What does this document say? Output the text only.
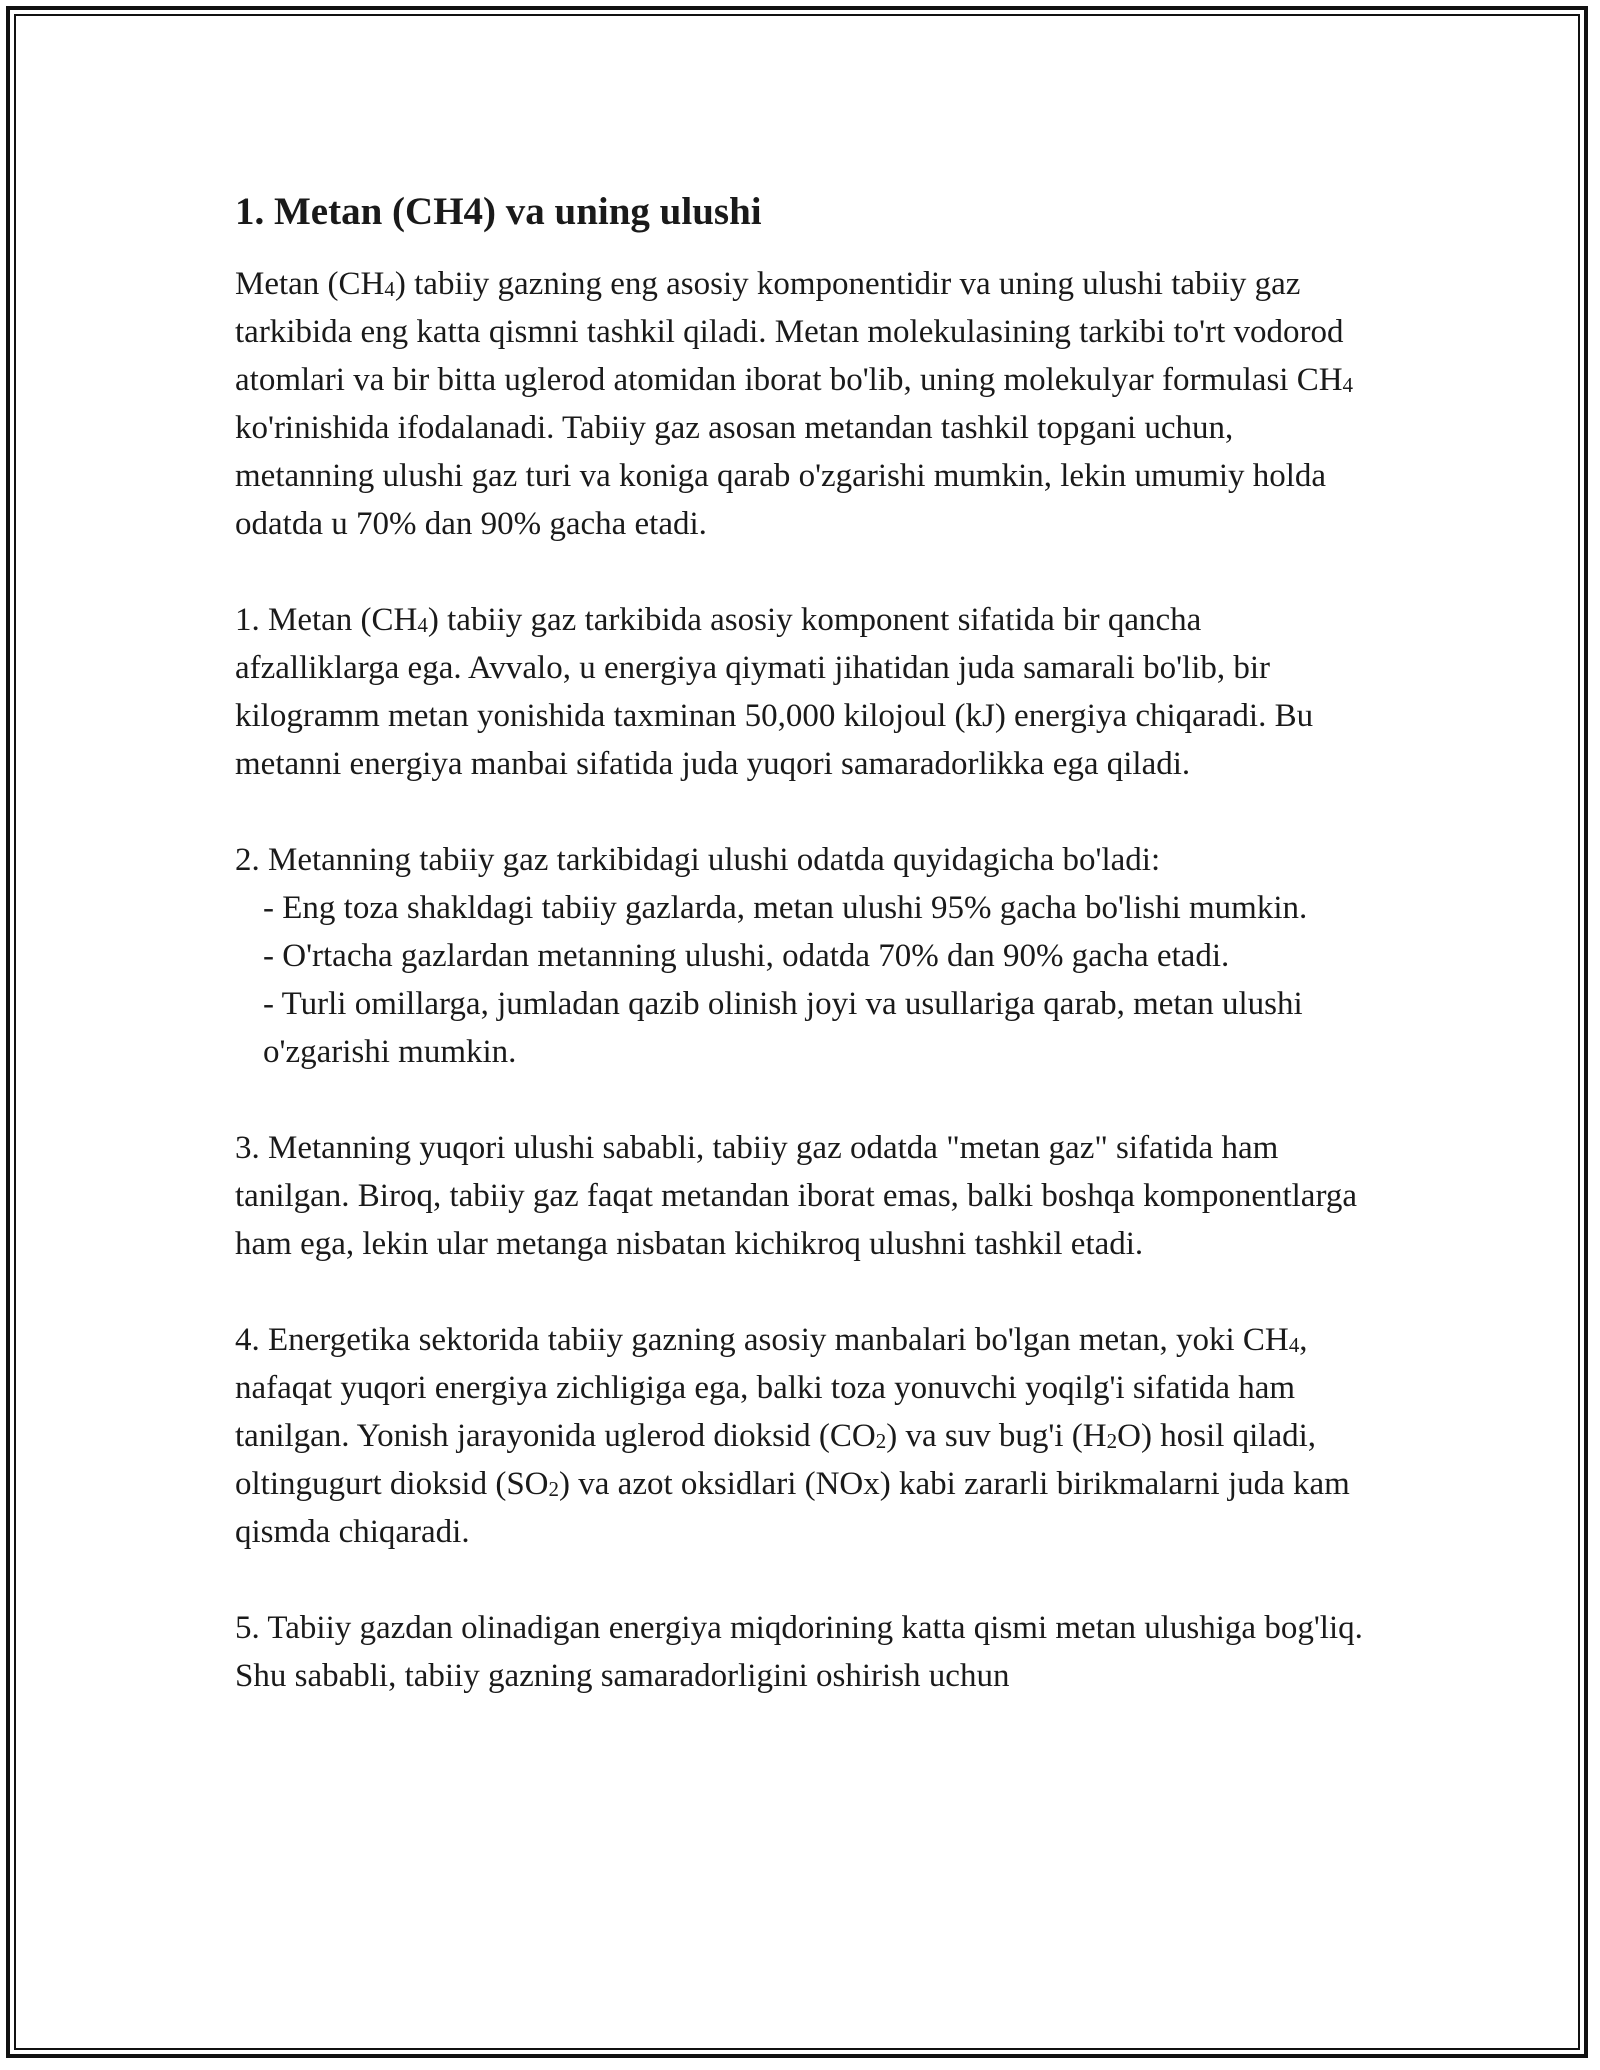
1. Metan (CH4) va uning ulushi

Metan $(CH_4)$ tabiiy gazning eng asosiy komponentidir va uning ulushi tabiiy gaz tarkibida eng katta qismni tashkil qiladi. Metan molekulasining tarkibi to'rt vodorod atomlari va bir bitta uglerod atomidan iborat bo'lib, uning molekulyar formulasi $CH_4$ ko'rinishida ifodalanadi. Tabiiy gaz asosan metandan tashkil topgani uchun, metanning ulushi gaz turi va koniga qarab o'zgarishi mumkin, lekin umumiy holda odatda u 70% dan 90% gacha etadi.

1. Metan $(CH_4)$ tabiiy gaz tarkibida asosiy komponent sifatida bir qancha afzalliklarga ega. Avvalo, u energiya qiymati jihatidan juda samarali bo'lib, bir kilogramm metan yonishida taxminan 50,000 kilojoul (kJ) energiya chiqaradi. Bu metanni energiya manbai sifatida juda yuqori samaradorlikka ega qiladi.

2. Metanning tabiiy gaz tarkibidagi ulushi odatda quyidagicha bo'ladi:
- Eng toza shakldagi tabiiy gazlarda, metan ulushi 95% gacha bo'lishi mumkin.
- O'rtacha gazlardan metanning ulushi, odatda 70% dan 90% gacha etadi.
- Turli omillarga, jumladan qazib olinish joyi va usullariga qarab, metan ulushi o'zgarishi mumkin.

3. Metanning yuqori ulushi sababli, tabiiy gaz odatda "metan gaz" sifatida ham tanilgan. Biroq, tabiiy gaz faqat metandan iborat emas, balki boshqa komponentlarga ham ega, lekin ular metanga nisbatan kichikroq ulushni tashkil etadi.

4. Energetika sektorida tabiiy gazning asosiy manbalari bo'lgan metan, yoki $CH_4$, nafaqat yuqori energiya zichligiga ega, balki toza yonuvchi yoqilg'i sifatida ham tanilgan. Yonish jarayonida uglerod dioksid $(CO_2)$ va suv bug'i $(H_2O)$ hosil qiladi, oltingugurt dioksid $(SO_2)$ va azot oksidlari (NOx) kabi zararli birikmalarni juda kam qismda chiqaradi.

5. Tabiiy gazdan olinadigan energiya miqdorining katta qismi metan ulushiga bog'liq. Shu sababli, tabiiy gazning samaradorligini oshirish uchun
